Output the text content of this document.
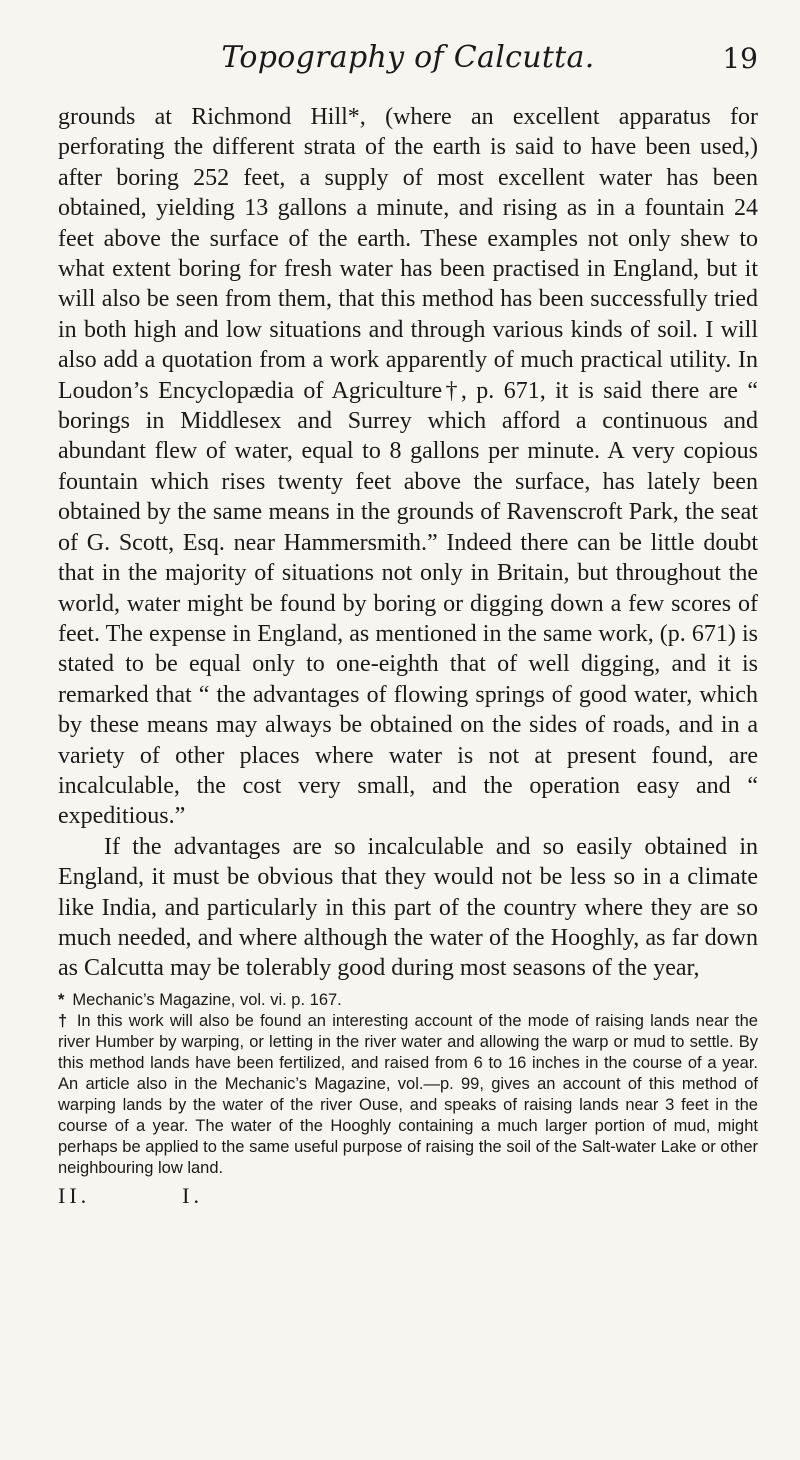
Topography of Calcutta.	19

grounds at Richmond Hill*, (where an excellent apparatus for perforating the different strata of the earth is said to have been used,) after boring 252 feet, a supply of most excellent water has been obtained, yielding 13 gallons a minute, and rising as in a fountain 24 feet above the surface of the earth. These examples not only shew to what extent boring for fresh water has been practised in England, but it will also be seen from them, that this method has been successfully tried in both high and low situations and through various kinds of soil. I will also add a quotation from a work apparently of much practical utility. In Loudon’s Encyclopædia of Agriculture†, p. 671, it is said there are “ borings in Middlesex and Surrey which afford a continuous and abundant flew of water, equal to 8 gallons per minute. A very copious fountain which rises twenty feet above the surface, has lately been obtained by the same means in the grounds of Ravenscroft Park, the seat of G. Scott, Esq. near Hammersmith.” Indeed there can be little doubt that in the majority of situations not only in Britain, but throughout the world, water might be found by boring or digging down a few scores of feet. The expense in England, as mentioned in the same work, (p. 671) is stated to be equal only to one-eighth that of well digging, and it is remarked that “ the advantages of flowing springs of good water, which by these means may always be obtained on the sides of roads, and in a variety of other places where water is not at present found, are incalculable, the cost very small, and the operation easy and “ expeditious.”

If the advantages are so incalculable and so easily obtained in England, it must be obvious that they would not be less so in a climate like India, and particularly in this part of the country where they are so much needed, and where although the water of the Hooghly, as far down as Calcutta may be tolerably good during most seasons of the year,

* Mechanic’s Magazine, vol. vi. p. 167.

† In this work will also be found an interesting account of the mode of raising lands near the river Humber by warping, or letting in the river water and allowing the warp or mud to settle. By this method lands have been fertilized, and raised from 6 to 16 inches in the course of a year. An article also in the Mechanic’s Magazine, vol.—p. 99, gives an account of this method of warping lands by the water of the river Ouse, and speaks of raising lands near 3 feet in the course of a year. The water of the Hooghly containing a much larger portion of mud, might perhaps be applied to the same useful purpose of raising the soil of the Salt-water Lake or other neighbouring low land.

II.	I.
